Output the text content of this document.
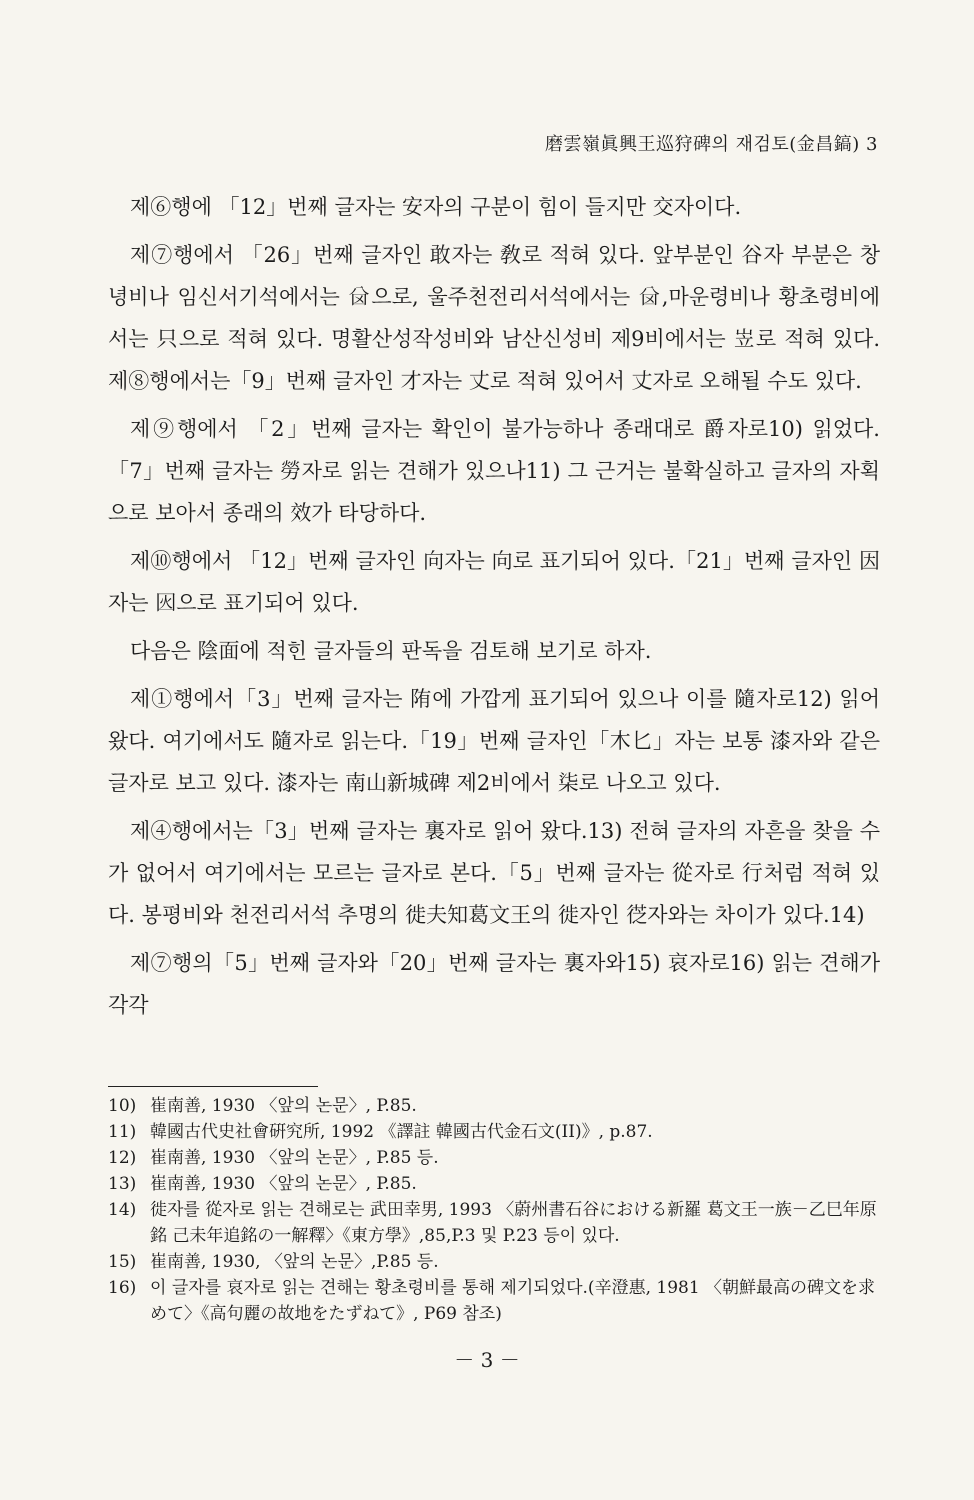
磨雲嶺眞興王巡狩碑의 재검토(金昌鎬) 3

제⑥행에 「12」번째 글자는 安자의 구분이 힘이 들지만 交자이다.

제⑦행에서 「26」번째 글자인 敢자는 敎로 적혀 있다. 앞부분인 谷자 부분은 창녕비나 임신서기석에서는 𠔋으로, 울주천전리서석에서는 𠔋,마운령비나 황초령비에서는 只으로 적혀 있다. 명활산성작성비와 남산신성비 제9비에서는 岦로 적혀 있다. 제⑧행에서는「9」번째 글자인 才자는 丈로 적혀 있어서 丈자로 오해될 수도 있다.

제⑨행에서 「2」번째 글자는 확인이 불가능하나 종래대로 爵자로10) 읽었다. 「7」번째 글자는 勞자로 읽는 견해가 있으나11) 그 근거는 불확실하고 글자의 자획으로 보아서 종래의 效가 타당하다.

제⑩행에서 「12」번째 글자인 向자는 向로 표기되어 있다.「21」번째 글자인 因자는 𡇂으로 표기되어 있다.

다음은 陰面에 적힌 글자들의 판독을 검토해 보기로 하자.

제①행에서「3」번째 글자는 陏에 가깝게 표기되어 있으나 이를 隨자로12) 읽어왔다. 여기에서도 隨자로 읽는다.「19」번째 글자인「木匕」자는 보통 漆자와 같은 글자로 보고 있다. 漆자는 南山新城碑 제2비에서 柒로 나오고 있다.

제④행에서는「3」번째 글자는 裏자로 읽어 왔다.13) 전혀 글자의 자흔을 찾을 수가 없어서 여기에서는 모르는 글자로 본다.「5」번째 글자는 從자로 行처럼 적혀 있다. 봉평비와 천전리서석 추명의 徙夫知葛文王의 徙자인 徔자와는 차이가 있다.14)

제⑦행의「5」번째 글자와「20」번째 글자는 裏자와15) 哀자로16) 읽는 견해가 각각

10) 崔南善, 1930 〈앞의 논문〉, P.85.
11) 韓國古代史社會硏究所, 1992 《譯註 韓國古代金石文(II)》, p.87.
12) 崔南善, 1930 〈앞의 논문〉, P.85 등.
13) 崔南善, 1930 〈앞의 논문〉, P.85.
14) 徙자를 從자로 읽는 견해로는 武田幸男, 1993 〈蔚州書石谷における新羅 葛文王一族－乙巳年原銘 己未年追銘の一解釋〉《東方學》,85,P.3 및 P.23 등이 있다.
15) 崔南善, 1930, 〈앞의 논문〉,P.85 등.
16) 이 글자를 哀자로 읽는 견해는 황초령비를 통해 제기되었다.(辛澄惠, 1981 〈朝鮮最高の碑文を求めて〉《高句麗の故地をたずねて》, P69 참조)
－ 3 －
